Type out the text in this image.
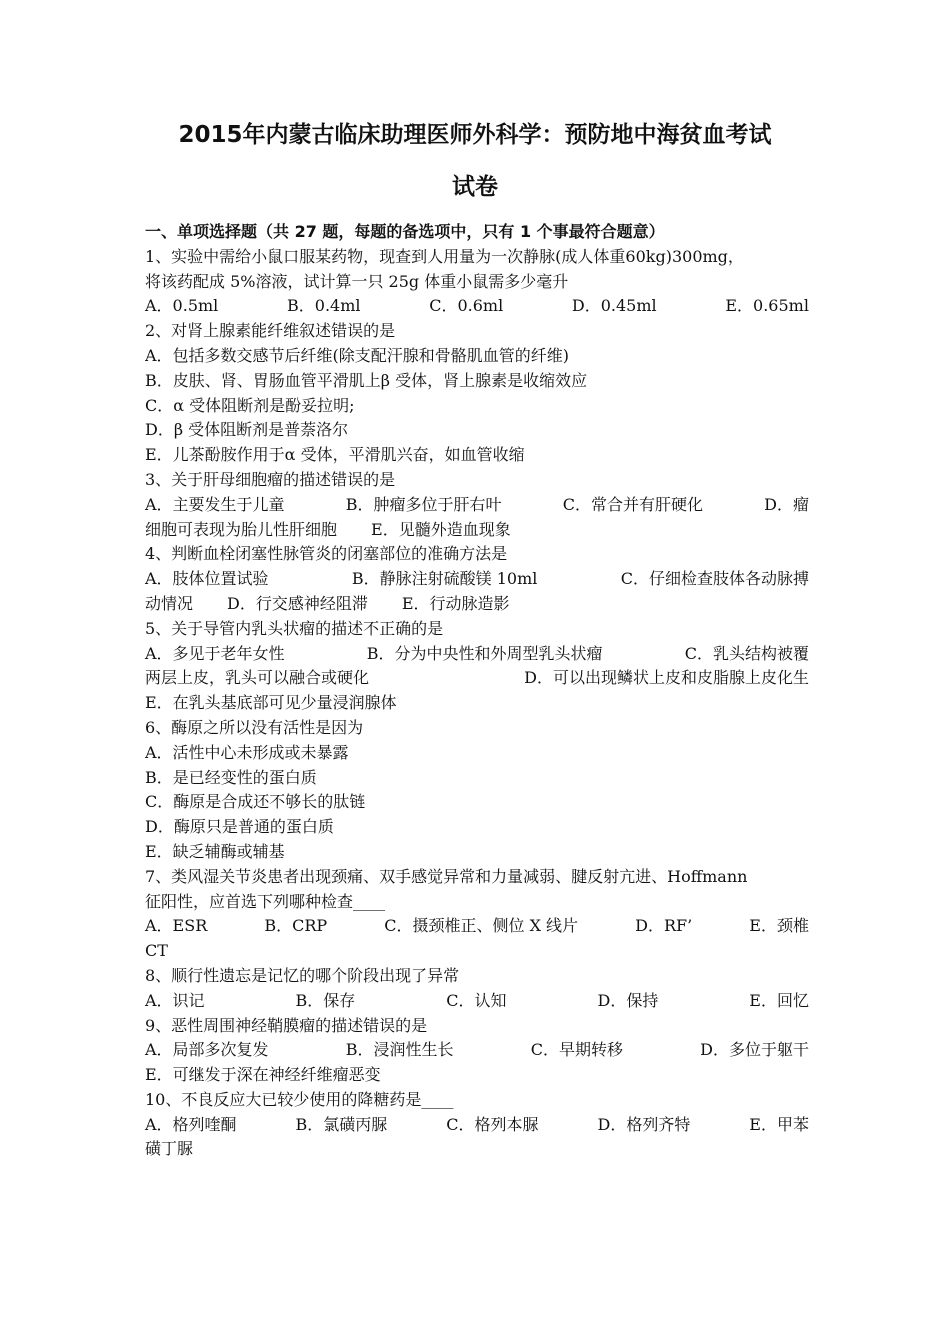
2015年内蒙古临床助理医师外科学：预防地中海贫血考试
试卷
一、单项选择题（共 27 题，每题的备选项中，只有 1 个事最符合题意）
1、实验中需给小鼠口服某药物，现查到人用量为一次静脉(成人体重60kg)300mg，
将该药配成 5%溶液，试计算一只 25g 体重小鼠需多少毫升
A．0.5ml	B．0.4ml	C．0.6ml	D．0.45ml	E．0.65ml
2、对肾上腺素能纤维叙述错误的是
A．包括多数交感节后纤维(除支配汗腺和骨骼肌血管的纤维)
B．皮肤、肾、胃肠血管平滑肌上β 受体，肾上腺素是收缩效应
C．α 受体阻断剂是酚妥拉明;
D．β 受体阻断剂是普萘洛尔
E．儿茶酚胺作用于α 受体，平滑肌兴奋，如血管收缩
3、关于肝母细胞瘤的描述错误的是
A．主要发生于儿童	B．肿瘤多位于肝右叶	C．常合并有肝硬化	D．瘤
细胞可表现为胎儿性肝细胞 E．见髓外造血现象
4、判断血栓闭塞性脉管炎的闭塞部位的准确方法是
A．肢体位置试验	B．静脉注射硫酸镁 10ml	C．仔细检查肢体各动脉搏
动情况 D．行交感神经阻滞 E．行动脉造影
5、关于导管内乳头状瘤的描述不正确的是
A．多见于老年女性	B．分为中央性和外周型乳头状瘤	C．乳头结构被覆
两层上皮，乳头可以融合或硬化	D．可以出现鳞状上皮和皮脂腺上皮化生
E．在乳头基底部可见少量浸润腺体
6、酶原之所以没有活性是因为
A．活性中心未形成或未暴露
B．是已经变性的蛋白质
C．酶原是合成还不够长的肽链
D．酶原只是普通的蛋白质
E．缺乏辅酶或辅基
7、类风湿关节炎患者出现颈痛、双手感觉异常和力量减弱、腱反射亢进、Hoffmann
征阳性，应首选下列哪种检查____
A．ESR	B．CRP	C．摄颈椎正、侧位 X 线片	D．RF’	E．颈椎
CT
8、顺行性遗忘是记忆的哪个阶段出现了异常
A．识记	B．保存	C．认知	D．保持	E．回忆
9、恶性周围神经鞘膜瘤的描述错误的是
A．局部多次复发	B．浸润性生长	C．早期转移	D．多位于躯干
E．可继发于深在神经纤维瘤恶变
10、不良反应大已较少使用的降糖药是____
A．格列喹酮	B．氯磺丙脲	C．格列本脲	D．格列齐特	E．甲苯
磺丁脲
